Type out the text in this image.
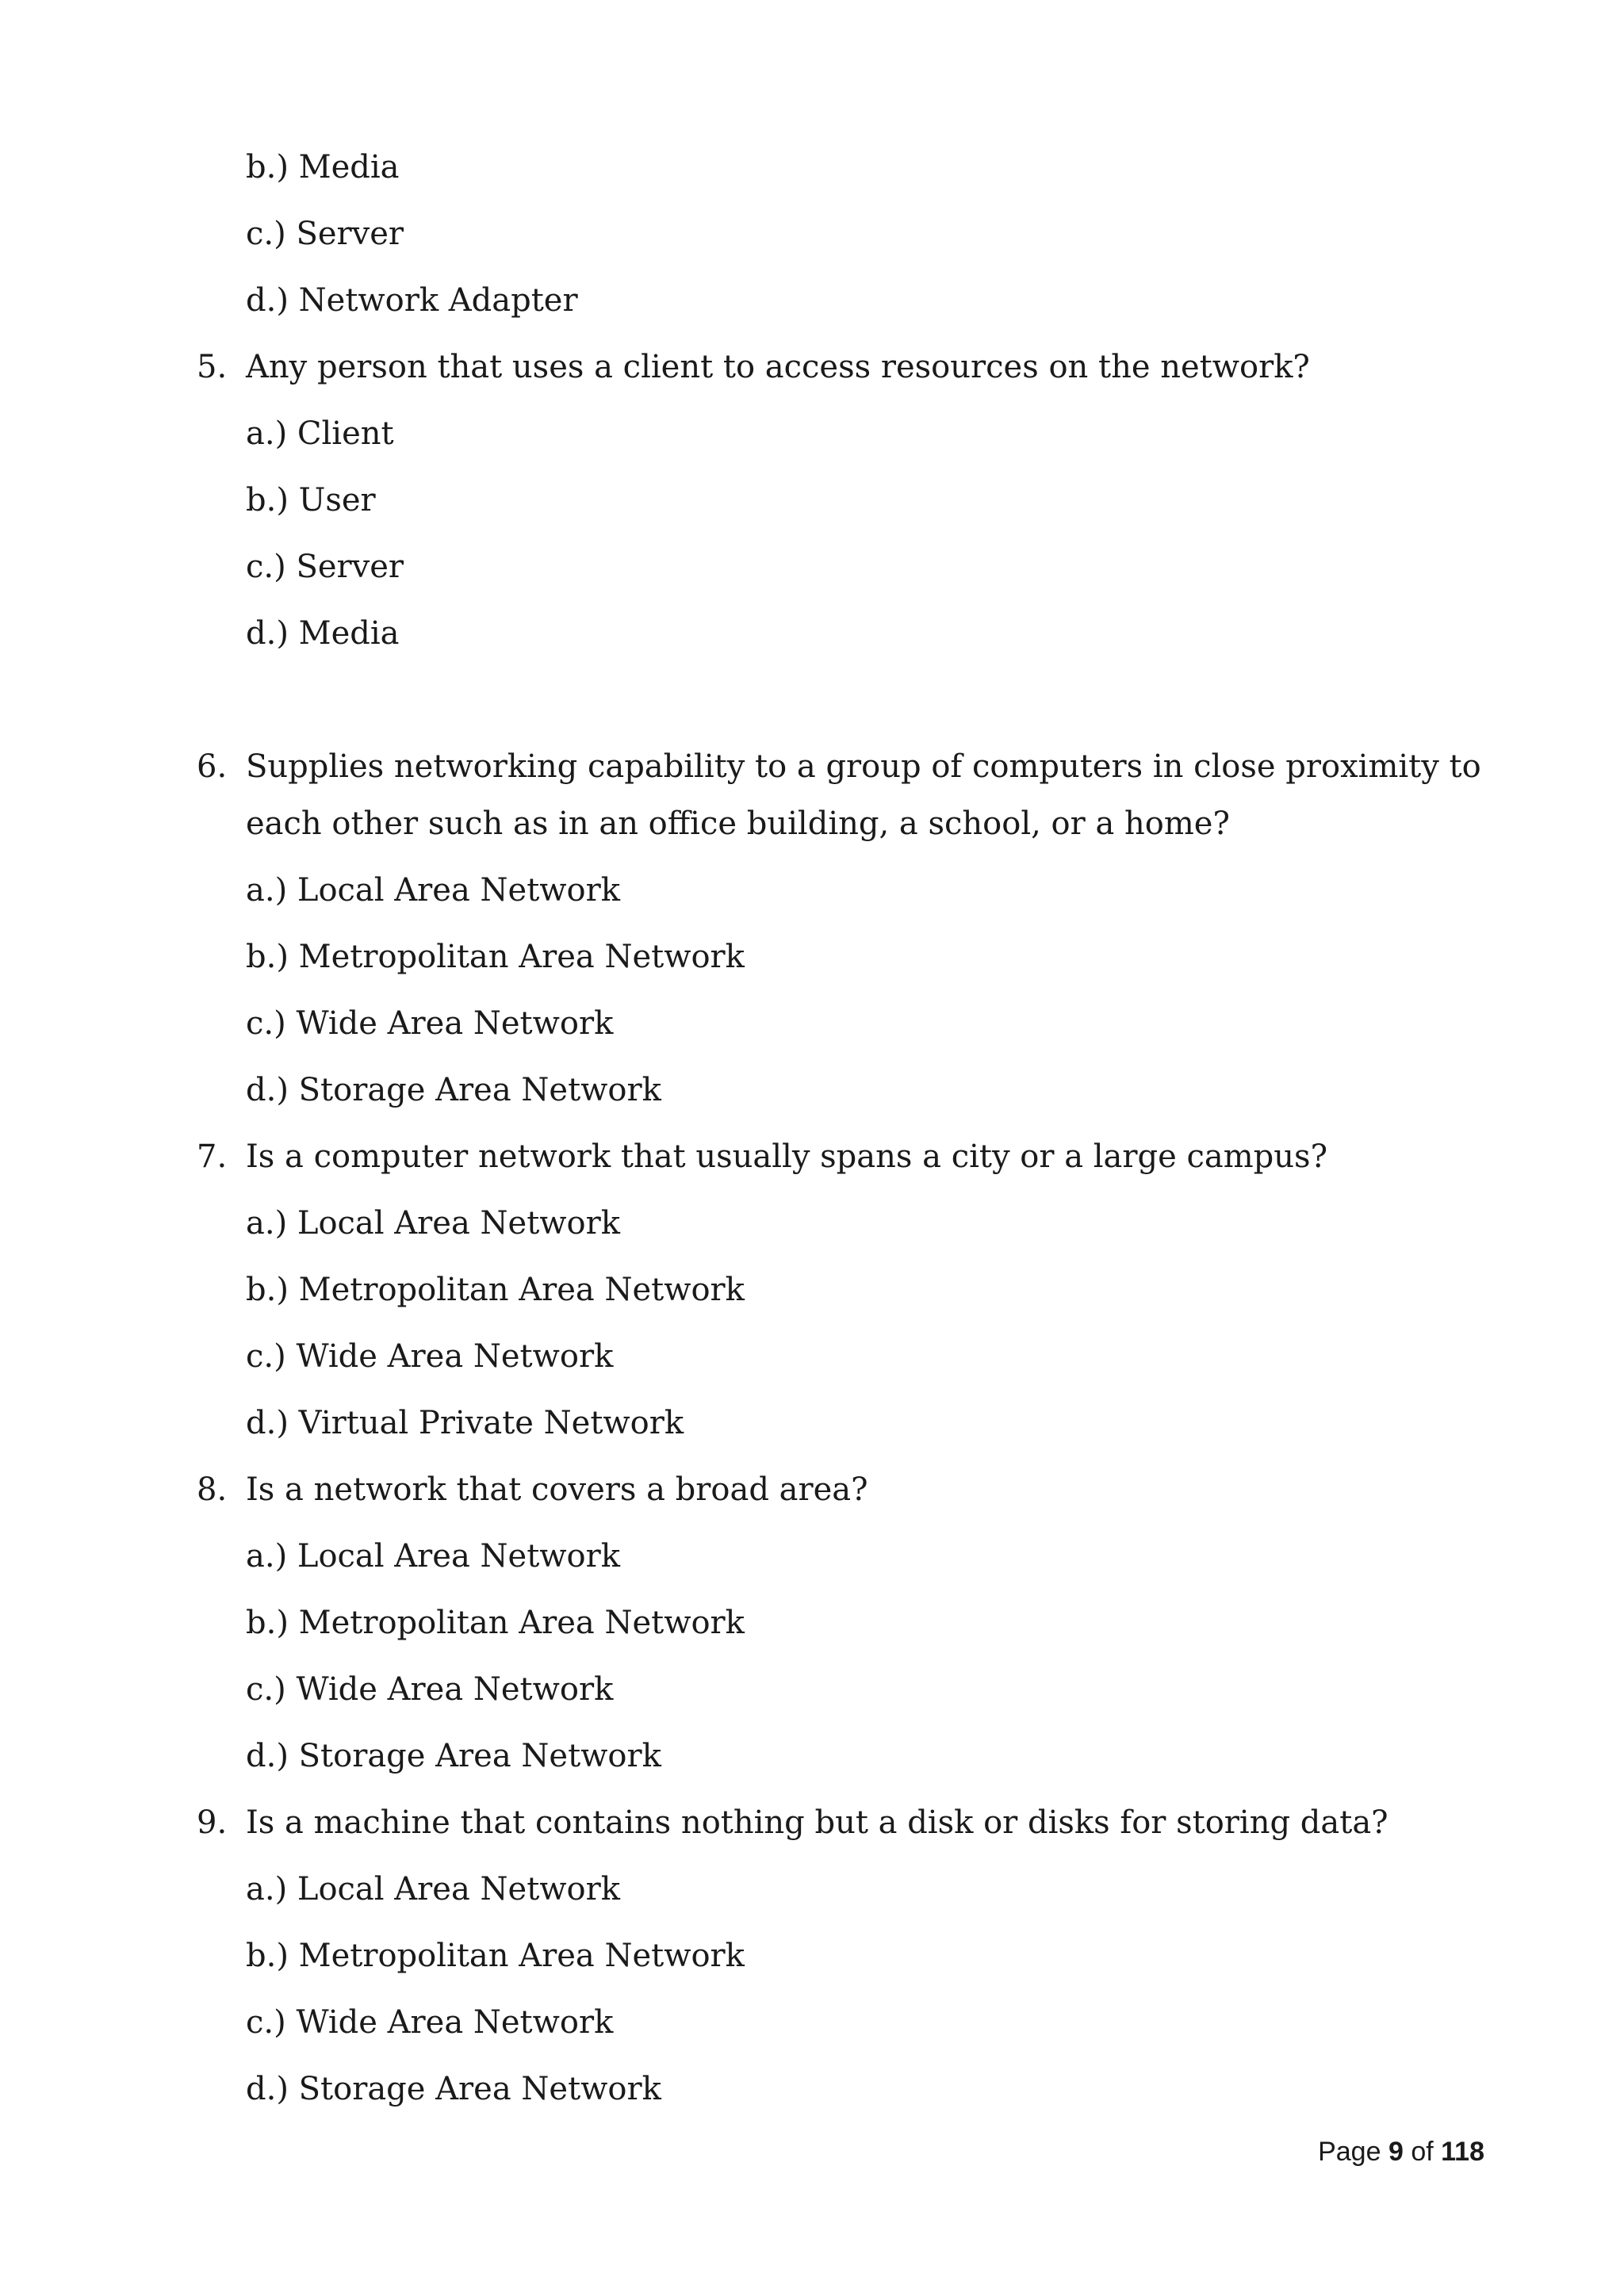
b.) Media
c.) Server
d.) Network Adapter
5. Any person that uses a client to access resources on the network?
a.) Client
b.) User
c.) Server
d.) Media
6. Supplies networking capability to a group of computers in close proximity to
each other such as in an office building, a school, or a home?
a.) Local Area Network
b.) Metropolitan Area Network
c.) Wide Area Network
d.) Storage Area Network
7. Is a computer network that usually spans a city or a large campus?
a.) Local Area Network
b.) Metropolitan Area Network
c.) Wide Area Network
d.) Virtual Private Network
8. Is a network that covers a broad area?
a.) Local Area Network
b.) Metropolitan Area Network
c.) Wide Area Network
d.) Storage Area Network
9. Is a machine that contains nothing but a disk or disks for storing data?
a.) Local Area Network
b.) Metropolitan Area Network
c.) Wide Area Network
d.) Storage Area Network
Page 9 of 118
